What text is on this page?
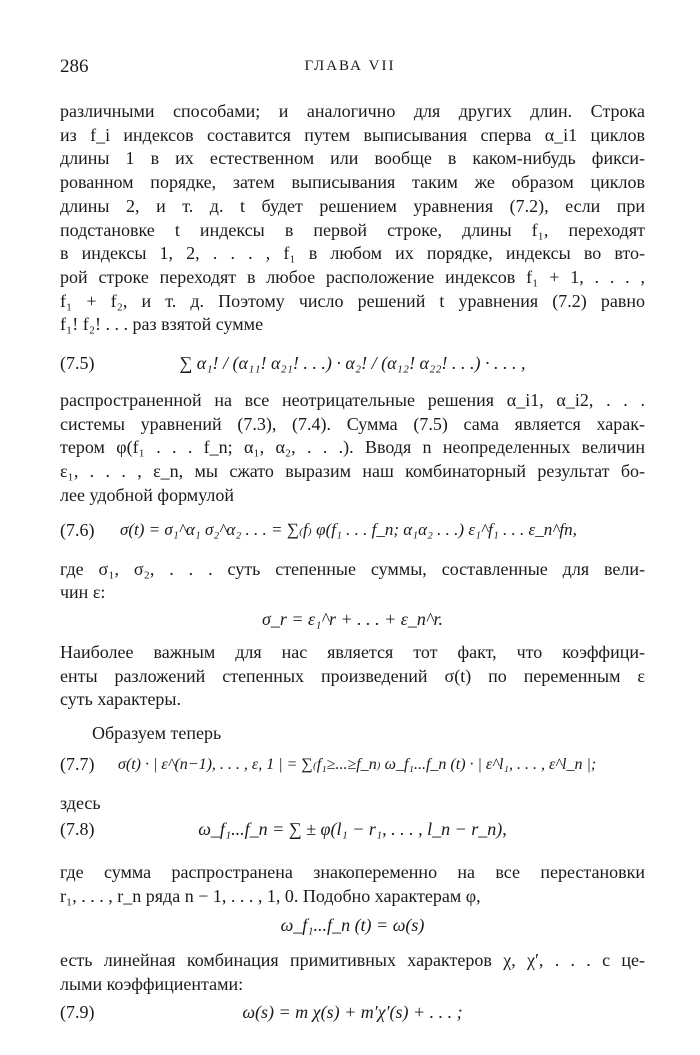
286	ГЛАВА VII

различными способами; и аналогично для других длин. Строка
из f_i индексов составится путем выписывания сперва α_i1 циклов
длины 1 в их естественном или вообще в каком-нибудь фикси-
рованном порядке, затем выписывания таким же образом циклов
длины 2, и т. д. t будет решением уравнения (7.2), если при
подстановке t индексы в первой строке, длины f₁, переходят
в индексы 1, 2, . . . , f₁ в любом их порядке, индексы во вто-
рой строке переходят в любое расположение индексов f₁ + 1, . . . ,
f₁ + f₂, и т. д. Поэтому число решений t уравнения (7.2) равно
f₁! f₂! . . . раз взятой сумме

(7.5)	∑ α₁! / (α₁₁! α₂₁! . . .) · α₂! / (α₁₂! α₂₂! . . .) · . . . ,

распространенной на все неотрицательные решения α_i1, α_i2, . . .
системы уравнений (7.3), (7.4). Сумма (7.5) сама является харак-
тером φ(f₁ . . . f_n; α₁, α₂, . . .). Вводя n неопределенных величин
ε₁, . . . , ε_n, мы сжато выразим наш комбинаторный результат бо-
лее удобной формулой

(7.6) σ(t) = σ₁^α₁ σ₂^α₂ . . . = ∑₍f₎ φ(f₁ . . . f_n; α₁α₂ . . .) ε₁^f₁ . . . ε_n^fn,

где σ₁, σ₂, . . . суть степенные суммы, составленные для вели-
чин ε:

σ_r = ε₁^r + . . . + ε_n^r.

Наиболее важным для нас является тот факт, что коэффици-
енты разложений степенных произведений σ(t) по переменным ε
суть характеры.

Образуем теперь

(7.7) σ(t) · | ε^(n−1), . . . , ε, 1 | = ∑₍f₁≥...≥f_n₎ ω_f₁...f_n (t) · | ε^l₁, . . . , ε^l_n |;

здесь

(7.8)	ω_f₁...f_n = ∑ ± φ(l₁ − r₁, . . . , l_n − r_n),

где сумма распространена знакопеременно на все перестановки
r₁, . . . , r_n ряда n − 1, . . . , 1, 0. Подобно характерам φ,

ω_f₁...f_n (t) = ω(s)

есть линейная комбинация примитивных характеров χ, χ′, . . . с це-
лыми коэффициентами:

(7.9)	ω(s) = m χ(s) + m′χ′(s) + . . . ;
